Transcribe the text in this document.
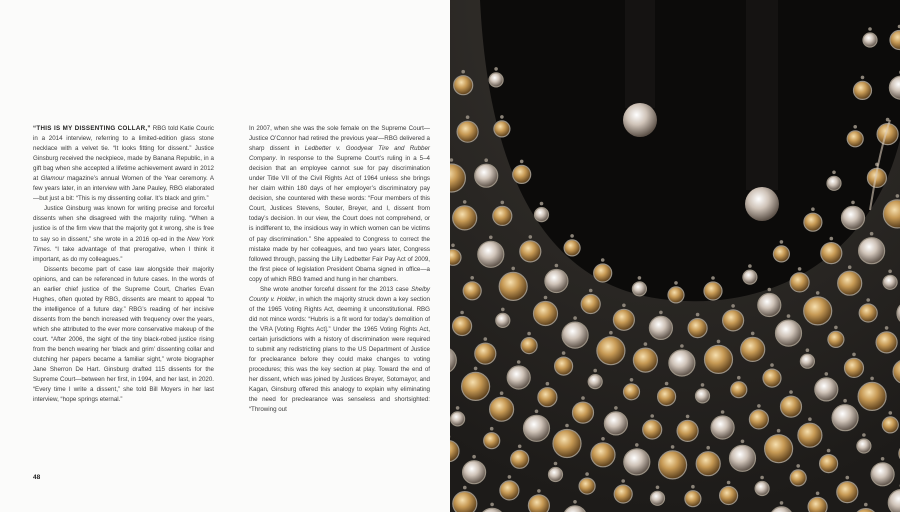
“THIS IS MY DISSENTING COLLAR,” RBG told Katie Couric in a 2014 interview, referring to a limited-edition glass stone necklace with a velvet tie. “It looks fitting for dissent.” Justice Ginsburg received the neckpiece, made by Banana Republic, in a gift bag when she accepted a lifetime achievement award in 2012 at Glamour magazine’s annual Women of the Year ceremony. A few years later, in an interview with Jane Pauley, RBG elaborated—but just a bit: “This is my dissenting collar. It’s black and grim.”

Justice Ginsburg was known for writing precise and forceful dissents when she disagreed with the majority ruling. “When a justice is of the firm view that the majority got it wrong, she is free to say so in dissent,” she wrote in a 2016 op-ed in the New York Times. “I take advantage of that prerogative, when I think it important, as do my colleagues.”

Dissents become part of case law alongside their majority opinions, and can be referenced in future cases. In the words of an earlier chief justice of the Supreme Court, Charles Evan Hughes, often quoted by RBG, dissents are meant to appeal “to the intelligence of a future day.” RBG’s reading of her incisive dissents from the bench increased with frequency over the years, which she attributed to the ever more conservative makeup of the court. “After 2006, the sight of the tiny black-robed justice rising from the bench wearing her ‘black and grim’ dissenting collar and clutching her papers became a familiar sight,” wrote biographer Jane Sherron De Hart. Ginsburg drafted 115 dissents for the Supreme Court—between her first, in 1994, and her last, in 2020. “Every time I write a dissent,” she told Bill Moyers in her last interview, “hope springs eternal.”

In 2007, when she was the sole female on the Supreme Court—Justice O’Connor had retired the previous year—RBG delivered a sharp dissent in Ledbetter v. Goodyear Tire and Rubber Company. In response to the Supreme Court’s ruling in a 5–4 decision that an employee cannot sue for pay discrimination under Title VII of the Civil Rights Act of 1964 unless she brings her claim within 180 days of her employer’s discriminatory pay decision, she countered with these words: “Four members of this Court, Justices Stevens, Souter, Breyer, and I, dissent from today’s decision. In our view, the Court does not comprehend, or is indifferent to, the insidious way in which women can be victims of pay discrimination.” She appealed to Congress to correct the mistake made by her colleagues, and two years later, Congress followed through, passing the Lilly Ledbetter Fair Pay Act of 2009, the first piece of legislation President Obama signed in office—a copy of which RBG framed and hung in her chambers.

She wrote another forceful dissent for the 2013 case Shelby County v. Holder, in which the majority struck down a key section of the 1965 Voting Rights Act, deeming it unconstitutional. RBG did not mince words: “Hubris is a fit word for today’s demolition of the VRA [Voting Rights Act].” Under the 1965 Voting Rights Act, certain jurisdictions with a history of discrimination were required to submit any redistricting plans to the US Department of Justice for preclearance before they could make changes to voting procedures; this was the key section at play. Toward the end of her dissent, which was joined by Justices Breyer, Sotomayor, and Kagan, Ginsburg offered this analogy to explain why eliminating the need for preclearance was senseless and shortsighted: “Throwing out

48
